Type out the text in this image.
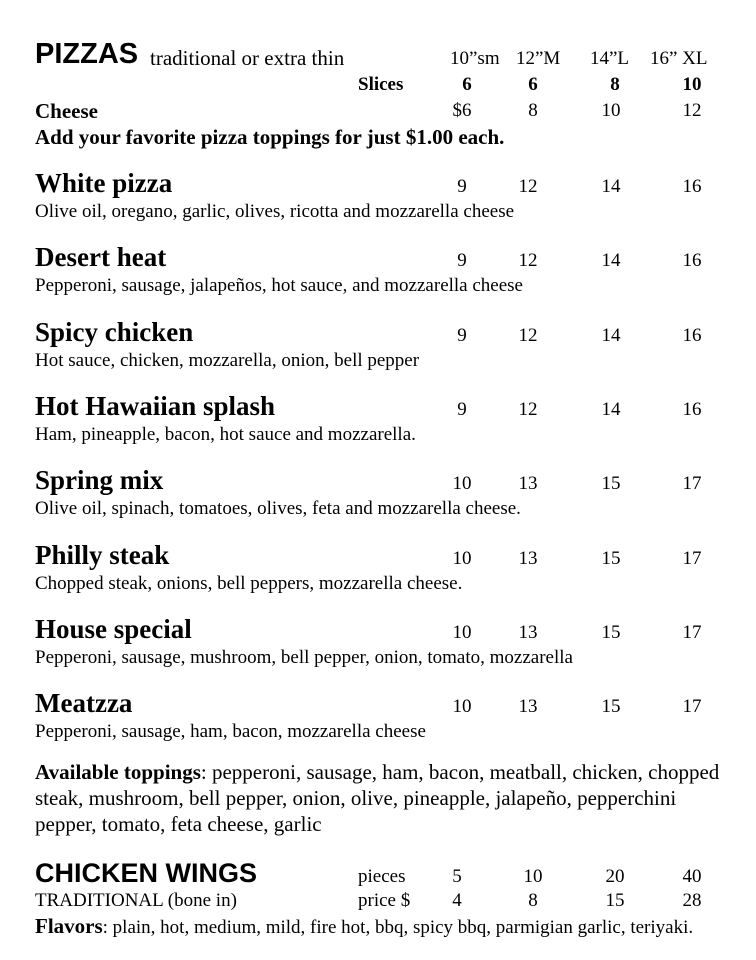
PIZZAS traditional or extra thin	10”sm 12”M 14”L 16” XL
Slices	6	6	8	10
Cheese	$6	8	10	12
Add your favorite pizza toppings for just $1.00 each.
White pizza	9	12	14	16
Olive oil, oregano, garlic, olives, ricotta and mozzarella cheese
Desert heat	9	12	14	16
Pepperoni, sausage, jalapeños, hot sauce, and mozzarella cheese
Spicy chicken	9	12	14	16
Hot sauce, chicken, mozzarella, onion, bell pepper
Hot Hawaiian splash	9	12	14	16
Ham, pineapple, bacon, hot sauce and mozzarella.
Spring mix	10	13	15	17
Olive oil, spinach, tomatoes, olives, feta and mozzarella cheese.
Philly steak	10	13	15	17
Chopped steak, onions, bell peppers, mozzarella cheese.
House special	10	13	15	17
Pepperoni, sausage, mushroom, bell pepper, onion, tomato, mozzarella
Meatzza	10	13	15	17
Pepperoni, sausage, ham, bacon, mozzarella cheese
Available toppings: pepperoni, sausage, ham, bacon, meatball, chicken, chopped steak, mushroom, bell pepper, onion, olive, pineapple, jalapeño, pepperchini pepper, tomato, feta cheese, garlic
CHICKEN WINGS	pieces	5	10	20	40
TRADITIONAL (bone in)	price $	4	8	15	28
Flavors: plain, hot, medium, mild, fire hot, bbq, spicy bbq, parmigian garlic, teriyaki.
